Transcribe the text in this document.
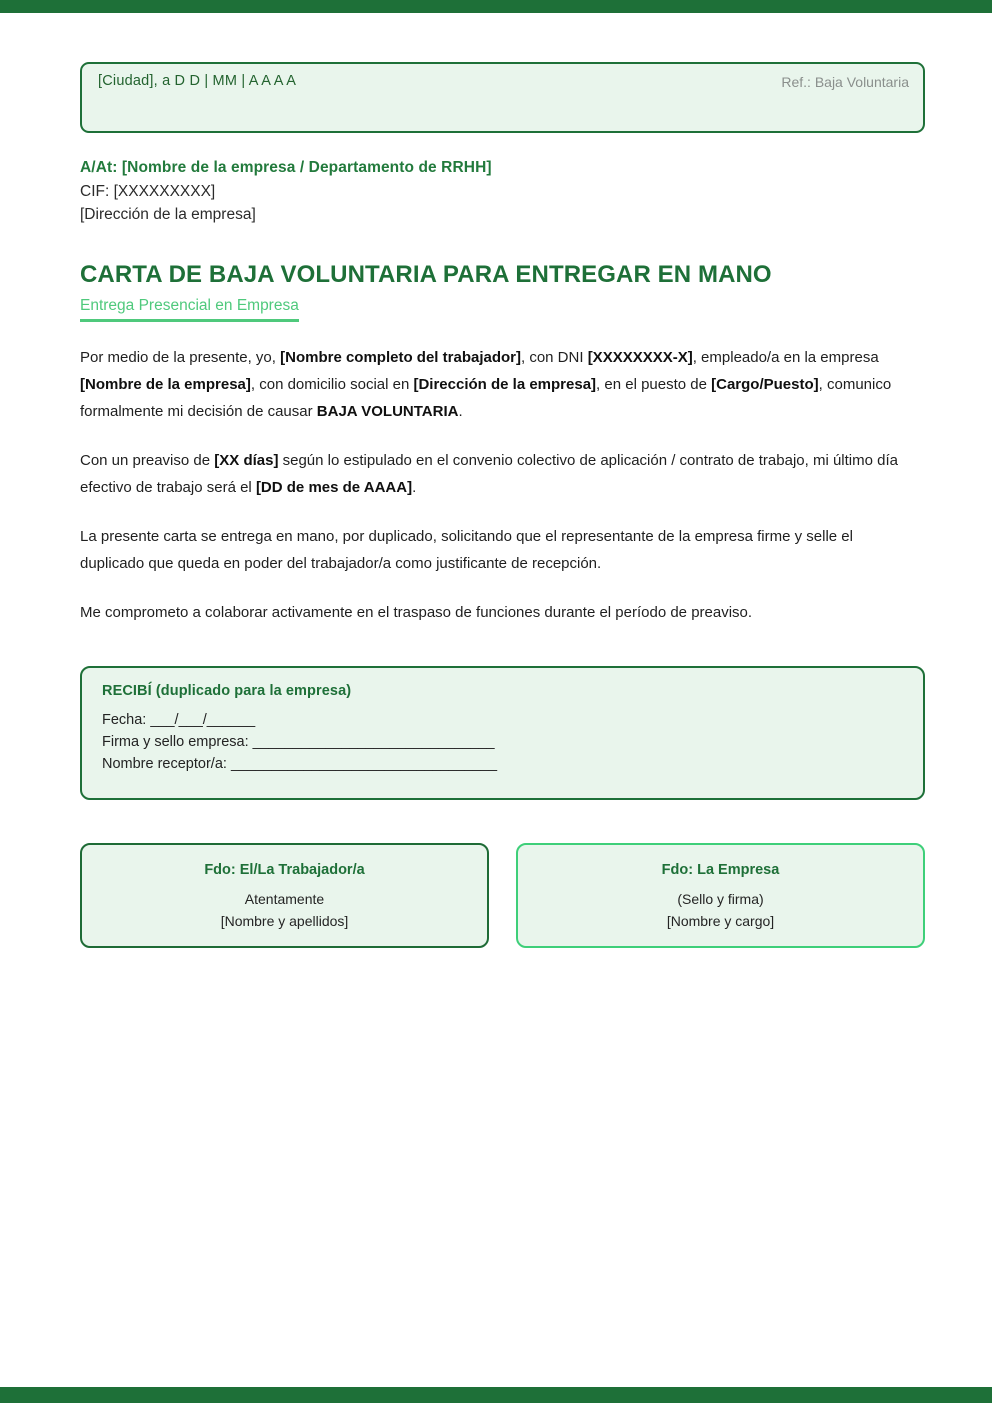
[Ciudad], a D D | MM | A A A A	Ref.: Baja Voluntaria
A/At: [Nombre de la empresa / Departamento de RRHH]
CIF: [XXXXXXXXX]
[Dirección de la empresa]
CARTA DE BAJA VOLUNTARIA PARA ENTREGAR EN MANO
Entrega Presencial en Empresa
Por medio de la presente, yo, [Nombre completo del trabajador], con DNI [XXXXXXXX-X], empleado/a en la empresa [Nombre de la empresa], con domicilio social en [Dirección de la empresa], en el puesto de [Cargo/Puesto], comunico formalmente mi decisión de causar BAJA VOLUNTARIA.
Con un preaviso de [XX días] según lo estipulado en el convenio colectivo de aplicación / contrato de trabajo, mi último día efectivo de trabajo será el [DD de mes de AAAA].
La presente carta se entrega en mano, por duplicado, solicitando que el representante de la empresa firme y selle el duplicado que queda en poder del trabajador/a como justificante de recepción.
Me comprometo a colaborar activamente en el traspaso de funciones durante el período de preaviso.
RECIBÍ (duplicado para la empresa)
Fecha: ___/___/______
Firma y sello empresa: ______________________________
Nombre receptor/a: _________________________________
Fdo: El/La Trabajador/a
Atentamente
[Nombre y apellidos]
Fdo: La Empresa
(Sello y firma)
[Nombre y cargo]
